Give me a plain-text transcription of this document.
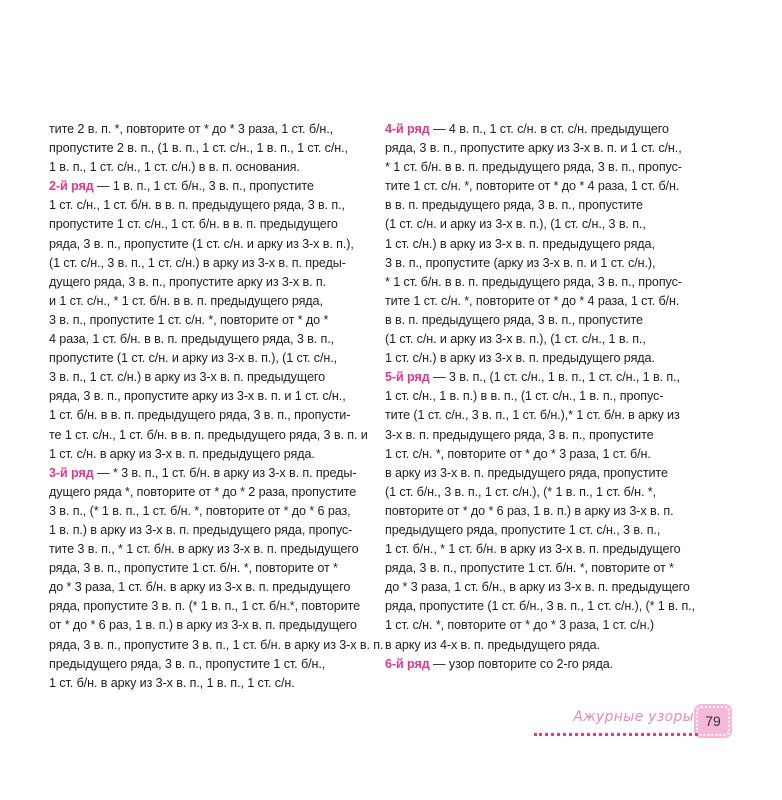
тите 2 в. п. *, повторите от * до * 3 раза, 1 ст. б/н.,
пропустите 2 в. п., (1 в. п., 1 ст. с/н., 1 в. п., 1 ст. с/н.,
1 в. п., 1 ст. с/н., 1 ст. с/н.) в в. п. основания.
2-й ряд — 1 в. п., 1 ст. б/н., 3 в. п., пропустите
1 ст. с/н., 1 ст. б/н. в в. п. предыдущего ряда, 3 в. п.,
пропустите 1 ст. с/н., 1 ст. б/н. в в. п. предыдущего
ряда, 3 в. п., пропустите (1 ст. с/н. и арку из 3-х в. п.),
(1 ст. с/н., 3 в. п., 1 ст. с/н.) в арку из 3-х в. п. преды-
дущего ряда, 3 в. п., пропустите арку из 3-х в. п.
и 1 ст. с/н., * 1 ст. б/н. в в. п. предыдущего ряда,
3 в. п., пропустите 1 ст. с/н. *, повторите от * до *
4 раза, 1 ст. б/н. в в. п. предыдущего ряда, 3 в. п.,
пропустите (1 ст. с/н. и арку из 3-х в. п.), (1 ст. с/н.,
3 в. п., 1 ст. с/н.) в арку из 3-х в. п. предыдущего
ряда, 3 в. п., пропустите арку из 3-х в. п. и 1 ст. с/н.,
1 ст. б/н. в в. п. предыдущего ряда, 3 в. п., пропусти-
те 1 ст. с/н., 1 ст. б/н. в в. п. предыдущего ряда, 3 в. п. и
1 ст. с/н. в арку из 3-х в. п. предыдущего ряда.
3-й ряд — * 3 в. п., 1 ст. б/н. в арку из 3-х в. п. преды-
дущего ряда *, повторите от * до * 2 раза, пропустите
3 в. п., (* 1 в. п., 1 ст. б/н. *, повторите от * до * 6 раз,
1 в. п.) в арку из 3-х в. п. предыдущего ряда, пропус-
тите 3 в. п., * 1 ст. б/н. в арку из 3-х в. п. предыдущего
ряда, 3 в. п., пропустите 1 ст. б/н. *, повторите от *
до * 3 раза, 1 ст. б/н. в арку из 3-х в. п. предыдущего
ряда, пропустите 3 в. п. (* 1 в. п., 1 ст. б/н.*, повторите
от * до * 6 раз, 1 в. п.) в арку из 3-х в. п. предыдущего
ряда, 3 в. п., пропустите 3 в. п., 1 ст. б/н. в арку из 3-х в. п.
предыдущего ряда, 3 в. п., пропустите 1 ст. б/н.,
1 ст. б/н. в арку из 3-х в. п., 1 в. п., 1 ст. с/н.
4-й ряд — 4 в. п., 1 ст. с/н. в ст. с/н. предыдущего
ряда, 3 в. п., пропустите арку из 3-х в. п. и 1 ст. с/н.,
* 1 ст. б/н. в в. п. предыдущего ряда, 3 в. п., пропус-
тите 1 ст. с/н. *, повторите от * до * 4 раза, 1 ст. б/н.
в в. п. предыдущего ряда, 3 в. п., пропустите
(1 ст. с/н. и арку из 3-х в. п.), (1 ст. с/н., 3 в. п.,
1 ст. с/н.) в арку из 3-х в. п. предыдущего ряда,
3 в. п., пропустите (арку из 3-х в. п. и 1 ст. с/н.),
* 1 ст. б/н. в в. п. предыдущего ряда, 3 в. п., пропус-
тите 1 ст. с/н. *, повторите от * до * 4 раза, 1 ст. б/н.
в в. п. предыдущего ряда, 3 в. п., пропустите
(1 ст. с/н. и арку из 3-х в. п.), (1 ст. с/н., 1 в. п.,
1 ст. с/н.) в арку из 3-х в. п. предыдущего ряда.
5-й ряд — 3 в. п., (1 ст. с/н., 1 в. п., 1 ст. с/н., 1 в. п.,
1 ст. с/н., 1 в. п.) в в. п., (1 ст. с/н., 1 в. п., пропус-
тите (1 ст. с/н., 3 в. п., 1 ст. б/н.),* 1 ст. б/н. в арку из
3-х в. п. предыдущего ряда, 3 в. п., пропустите
1 ст. с/н. *, повторите от * до * 3 раза, 1 ст. б/н.
в арку из 3-х в. п. предыдущего ряда, пропустите
(1 ст. б/н., 3 в. п., 1 ст. с/н.), (* 1 в. п., 1 ст. б/н. *,
повторите от * до * 6 раз, 1 в. п.) в арку из 3-х в. п.
предыдущего ряда, пропустите 1 ст. с/н., 3 в. п.,
1 ст. б/н., * 1 ст. б/н. в арку из 3-х в. п. предыдущего
ряда, 3 в. п., пропустите 1 ст. б/н. *, повторите от *
до * 3 раза, 1 ст. б/н., в арку из 3-х в. п. предыдущего
ряда, пропустите (1 ст. б/н., 3 в. п., 1 ст. с/н.), (* 1 в. п.,
1 ст. с/н. *, повторите от * до * 3 раза, 1 ст. с/н.)
в арку из 4-х в. п. предыдущего ряда.
6-й ряд — узор повторите со 2-го ряда.
Ажурные узоры 79
